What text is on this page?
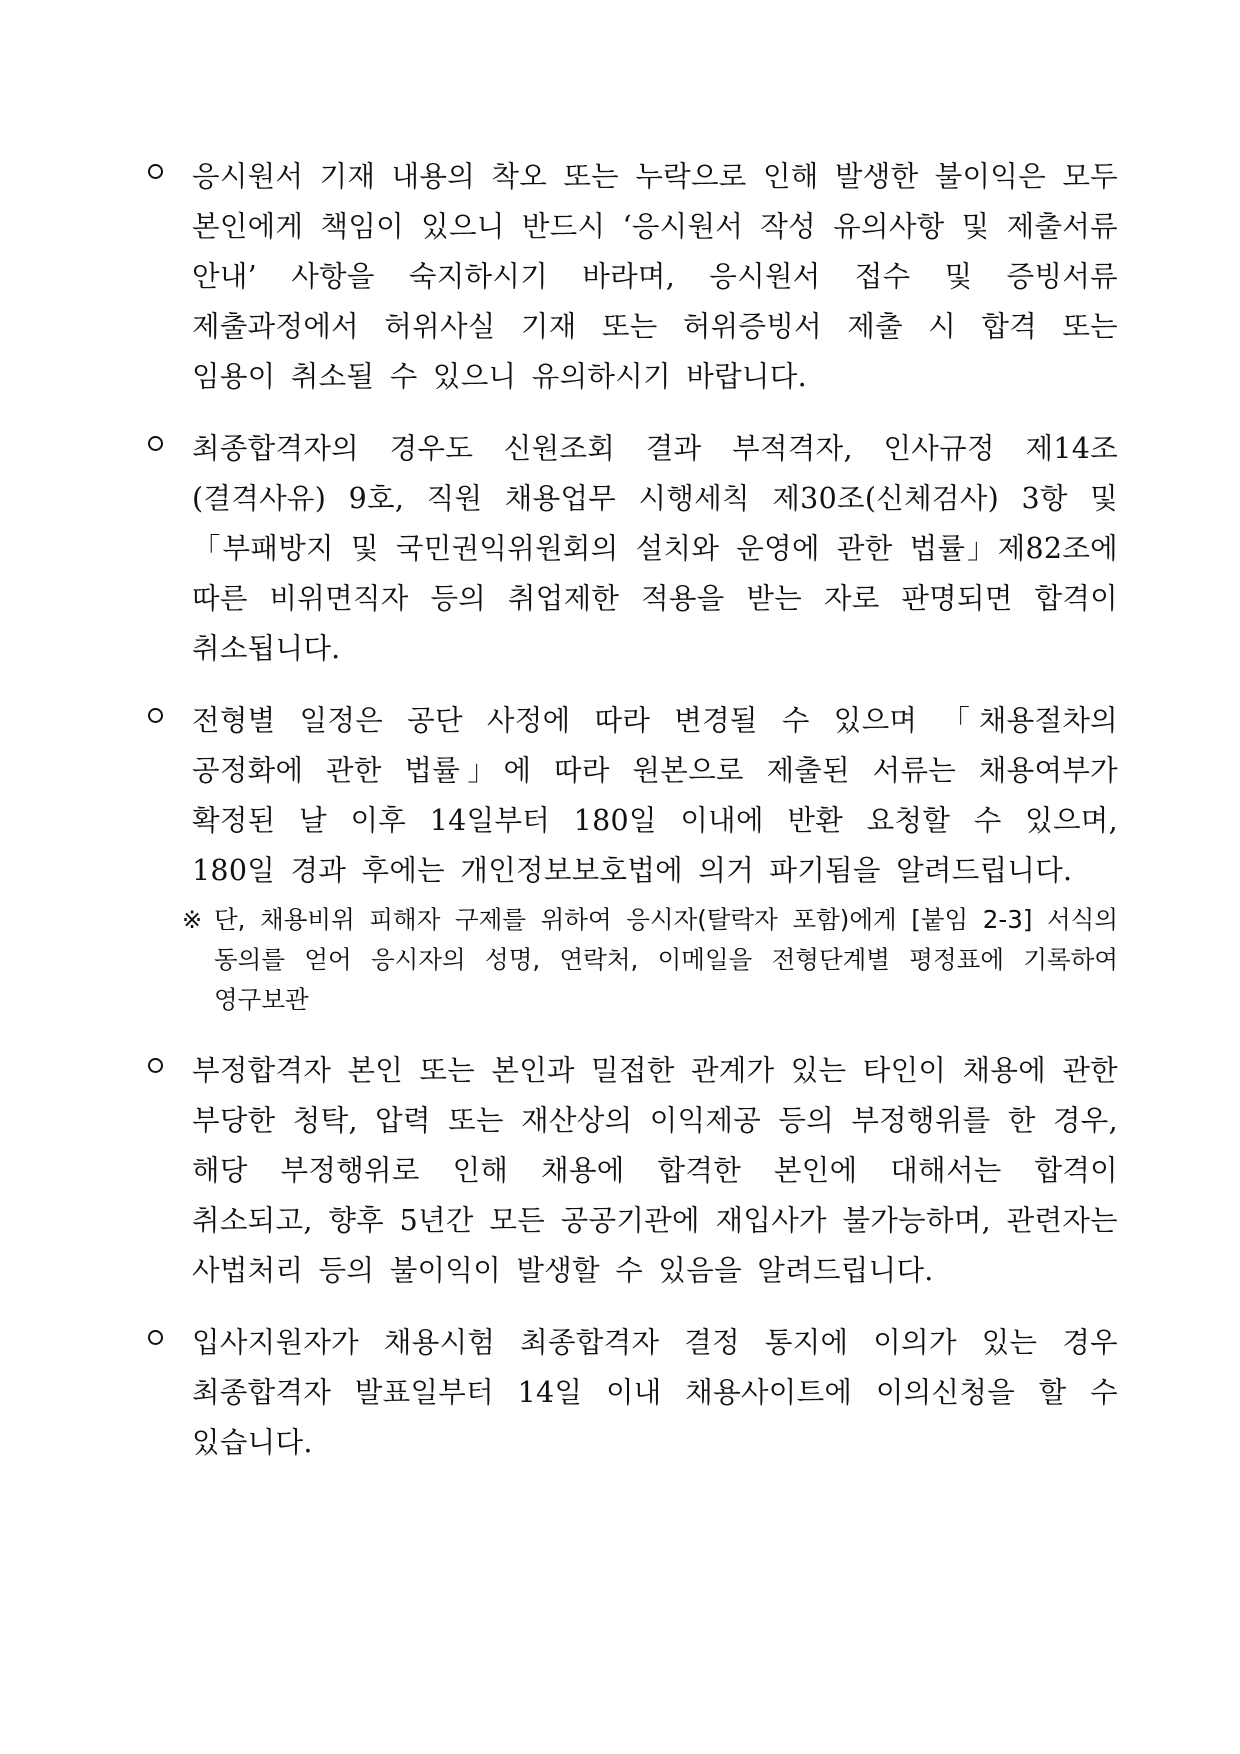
응시원서 기재 내용의 착오 또는 누락으로 인해 발생한 불이익은 모두 본인에게 책임이 있으니 반드시 ‘응시원서 작성 유의사항 및 제출서류 안내’ 사항을 숙지하시기 바라며, 응시원서 접수 및 증빙서류 제출과정에서 허위사실 기재 또는 허위증빙서 제출 시 합격 또는 임용이 취소될 수 있으니 유의하시기 바랍니다.
최종합격자의 경우도 신원조회 결과 부적격자, 인사규정 제14조(결격사유) 9호, 직원 채용업무 시행세칙 제30조(신체검사) 3항 및「부패방지 및 국민권익위원회의 설치와 운영에 관한 법률」제82조에 따른 비위면직자 등의 취업제한 적용을 받는 자로 판명되면 합격이 취소됩니다.
전형별 일정은 공단 사정에 따라 변경될 수 있으며 「채용절차의 공정화에 관한 법률」에 따라 원본으로 제출된 서류는 채용여부가 확정된 날 이후 14일부터 180일 이내에 반환 요청할 수 있으며, 180일 경과 후에는 개인정보보호법에 의거 파기됨을 알려드립니다.
※ 단, 채용비위 피해자 구제를 위하여 응시자(탈락자 포함)에게 [붙임 2-3] 서식의 동의를 얻어 응시자의 성명, 연락처, 이메일을 전형단계별 평정표에 기록하여 영구보관
부정합격자 본인 또는 본인과 밀접한 관계가 있는 타인이 채용에 관한 부당한 청탁, 압력 또는 재산상의 이익제공 등의 부정행위를 한 경우, 해당 부정행위로 인해 채용에 합격한 본인에 대해서는 합격이 취소되고, 향후 5년간 모든 공공기관에 재입사가 불가능하며, 관련자는 사법처리 등의 불이익이 발생할 수 있음을 알려드립니다.
입사지원자가 채용시험 최종합격자 결정 통지에 이의가 있는 경우 최종합격자 발표일부터 14일 이내 채용사이트에 이의신청을 할 수 있습니다.
